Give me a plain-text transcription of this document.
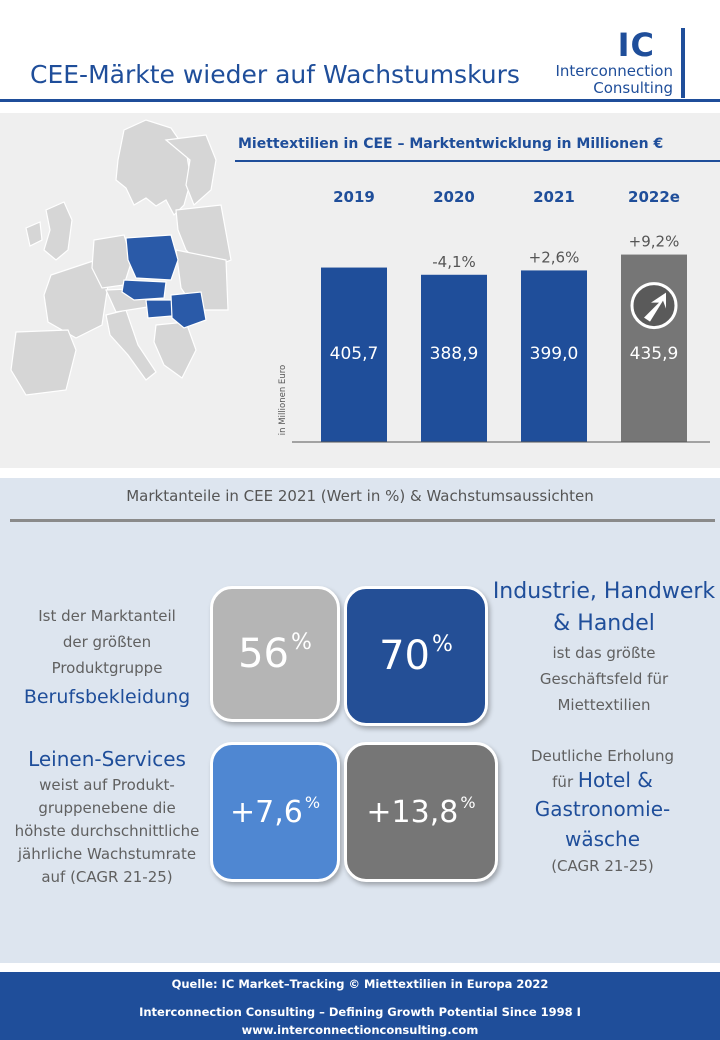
CEE-Märkte wieder auf Wachstumskurs
IC
Interconnection
Consulting
Miettextilien in CEE – Marktentwicklung in Millionen €
in Millionen Euro
2019
405,7
2020
388,9
-4,1%
2021
399,0
+2,6%
2022e
435,9
+9,2%
Marktanteile in CEE 2021 (Wert in %) & Wachstumsaussichten
56 % 70 %
+7,6 % +13,8 %
Ist der Marktanteil
der größten
Produktgruppe
Berufsbekleidung
Industrie, Handwerk
& Handel
ist das größte
Geschäftsfeld für
Miettextilien
Leinen-Services
weist auf Produkt-
gruppenebene die
höhste durchschnittliche
jährliche Wachstumrate
auf (CAGR 21-25)
Deutliche Erholung
für Hotel &
Gastronomie-
wäsche
(CAGR 21-25)
Quelle: IC Market–Tracking © Miettextilien in Europa 2022
Interconnection Consulting – Defining Growth Potential Since 1998 I
www.interconnectionconsulting.com
